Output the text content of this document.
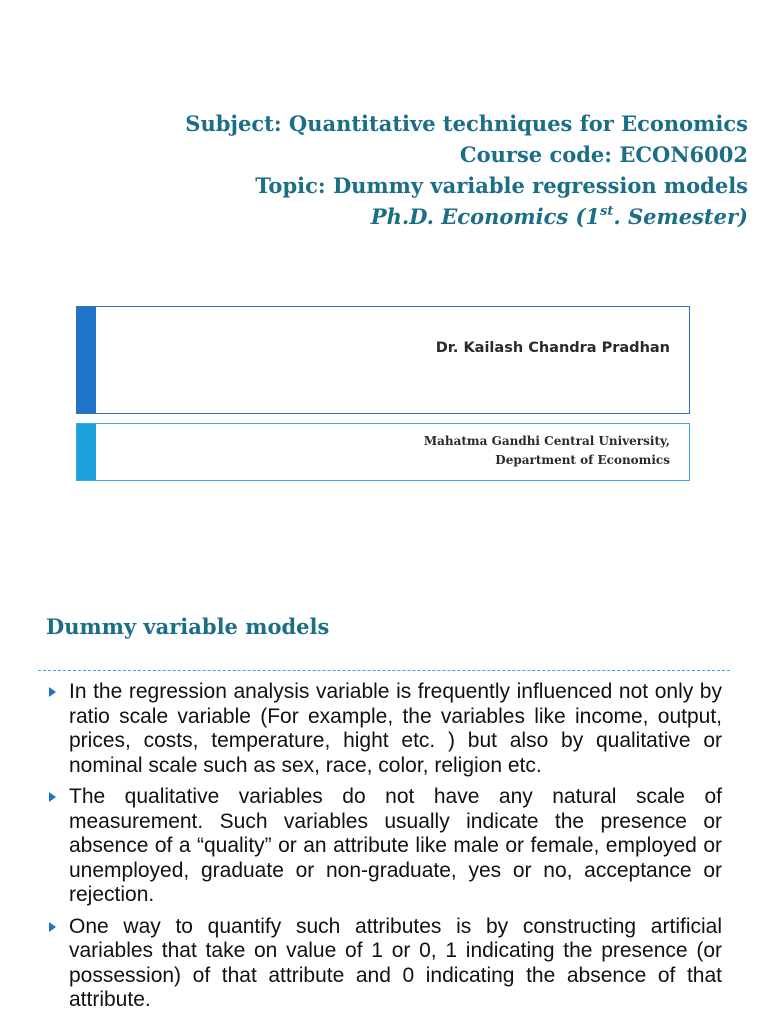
Subject: Quantitative techniques for Economics
Course code: ECON6002
Topic: Dummy variable regression models
Ph.D. Economics (1st. Semester)
Dr. Kailash Chandra Pradhan
Mahatma Gandhi Central University,
Department of Economics
Dummy variable models
In the regression analysis variable is frequently influenced not only by ratio scale variable (For example, the variables like income, output, prices, costs, temperature, hight etc. ) but also by qualitative or nominal scale such as sex, race, color, religion etc.
The qualitative variables do not have any natural scale of measurement. Such variables usually indicate the presence or absence of a “quality” or an attribute like male or female, employed or unemployed, graduate or non-graduate, yes or no, acceptance or rejection.
One way to quantify such attributes is by constructing artificial variables that take on value of 1 or 0, 1 indicating the presence (or possession) of that attribute and 0 indicating the absence of that attribute.
